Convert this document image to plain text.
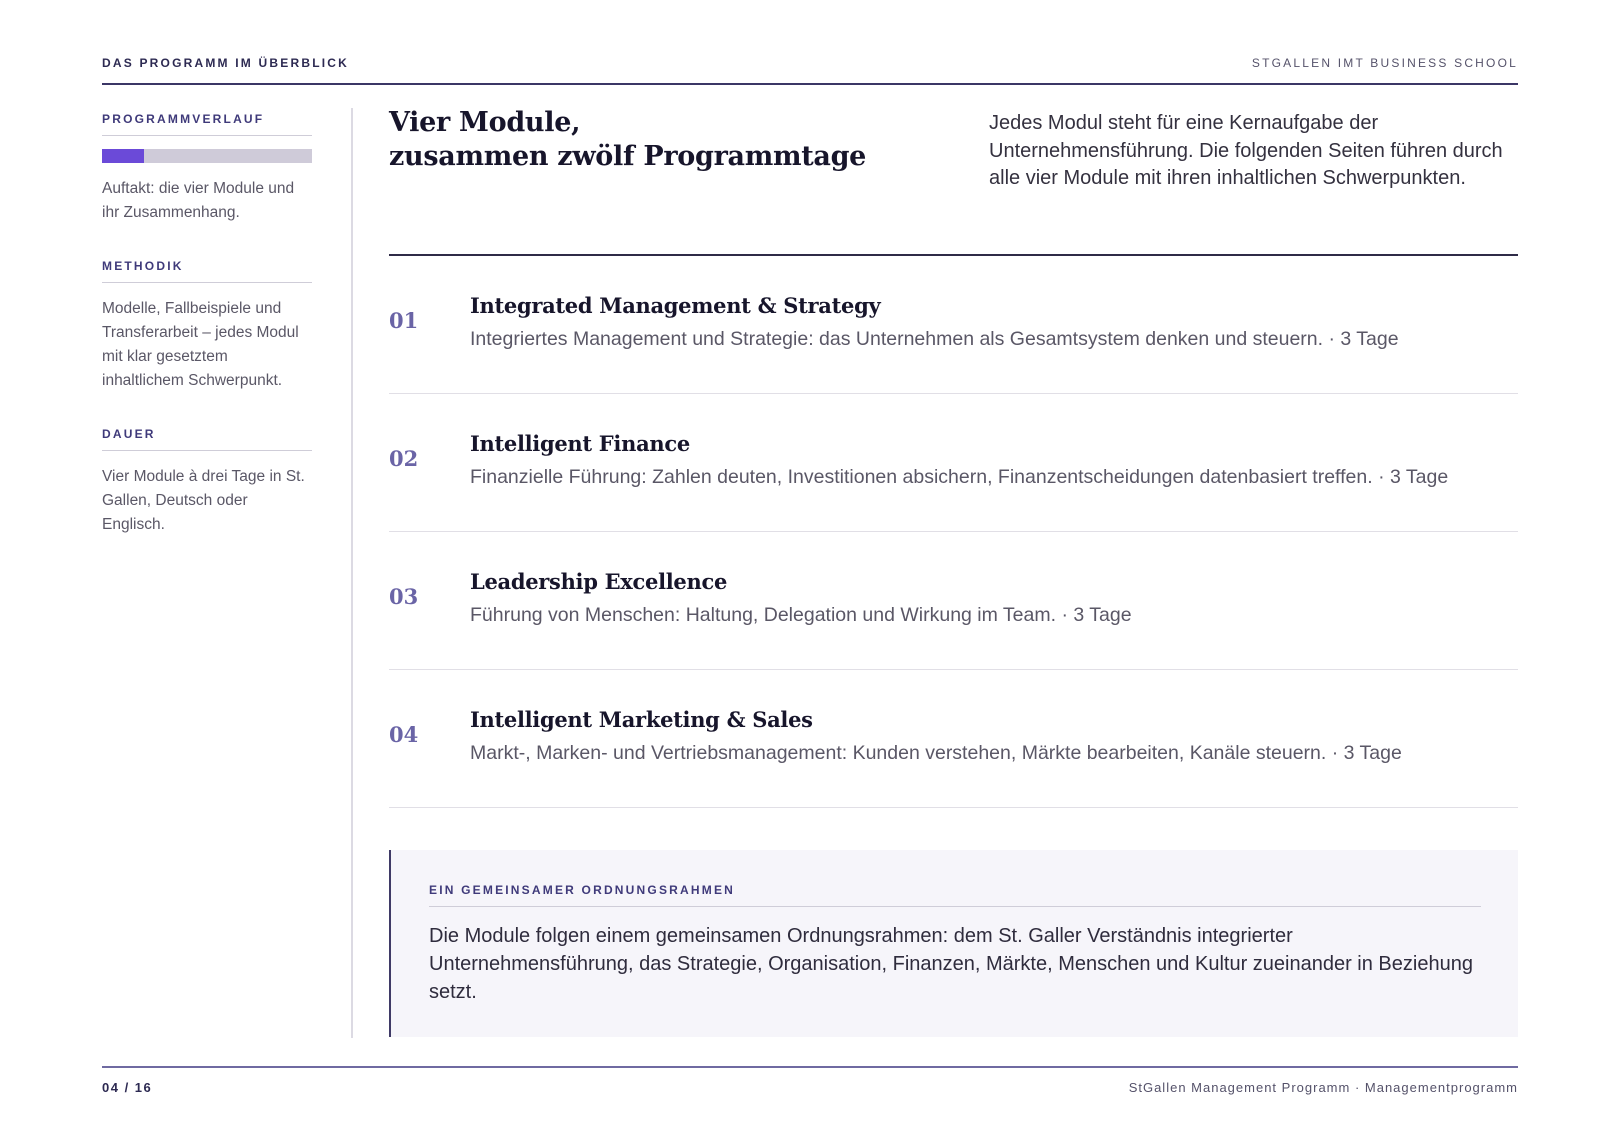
DAS PROGRAMM IM ÜBERBLICK	STGALLEN IMT BUSINESS SCHOOL
PROGRAMMVERLAUF
Auftakt: die vier Module und ihr Zusammenhang.
METHODIK
Modelle, Fallbeispiele und Transferarbeit – jedes Modul mit klar gesetztem inhaltlichem Schwerpunkt.
DAUER
Vier Module à drei Tage in St. Gallen, Deutsch oder Englisch.
Vier Module,
zusammen zwölf Programmtage

Jedes Modul steht für eine Kernaufgabe der Unternehmensführung. Die folgenden Seiten führen durch alle vier Module mit ihren inhaltlichen Schwerpunkten.

01
Integrated Management & Strategy
Integriertes Management und Strategie: das Unternehmen als Gesamtsystem denken und steuern. · 3 Tage
02
Intelligent Finance
Finanzielle Führung: Zahlen deuten, Investitionen absichern, Finanzentscheidungen datenbasiert treffen. · 3 Tage
03
Leadership Excellence
Führung von Menschen: Haltung, Delegation und Wirkung im Team. · 3 Tage
04
Intelligent Marketing & Sales
Markt-, Marken- und Vertriebsmanagement: Kunden verstehen, Märkte bearbeiten, Kanäle steuern. · 3 Tage
EIN GEMEINSAMER ORDNUNGSRAHMEN
Die Module folgen einem gemeinsamen Ordnungsrahmen: dem St. Galler Verständnis integrierter Unternehmensführung, das Strategie, Organisation, Finanzen, Märkte, Menschen und Kultur zueinander in Beziehung setzt.
04 / 16	StGallen Management Programm · Managementprogramm
